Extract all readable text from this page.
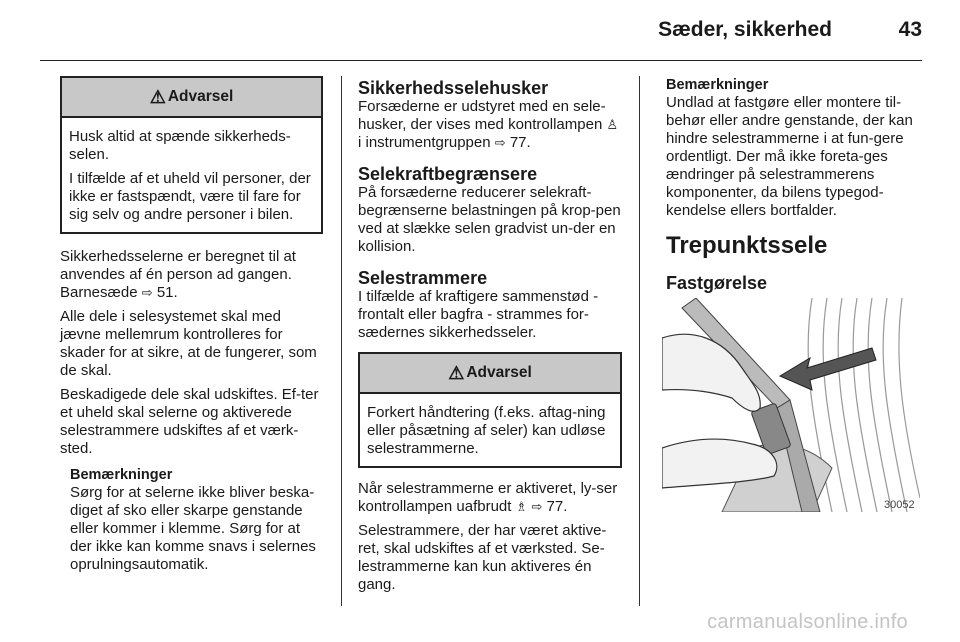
Sæder, sikkerhed	43
⚠ Advarsel

Husk altid at spænde sikkerheds-selen.

I tilfælde af et uheld vil personer, der ikke er fastspændt, være til fare for sig selv og andre personer i bilen.

Sikkerhedsselerne er beregnet til at anvendes af én person ad gangen. Barnesæde ⇨ 51.

Alle dele i selesystemet skal med jævne mellemrum kontrolleres for skader for at sikre, at de fungerer, som de skal.

Beskadigede dele skal udskiftes. Ef-ter et uheld skal selerne og aktiverede selestrammere udskiftes af et værk-sted.

Bemærkninger

Sørg for at selerne ikke bliver beska-diget af sko eller skarpe genstande eller kommer i klemme. Sørg for at der ikke kan komme snavs i selernes oprulningsautomatik.

Sikkerhedsselehusker

Forsæderne er udstyret med en sele-husker, der vises med kontrollampen ♙ i instrumentgruppen ⇨ 77.

Selekraftbegrænsere

På forsæderne reducerer selekraft-begrænserne belastningen på krop-pen ved at slække selen gradvist un-der en kollision.

Selestrammere

I tilfælde af kraftigere sammenstød - frontalt eller bagfra - strammes for-sædernes sikkerhedsseler.

⚠ Advarsel

Forkert håndtering (f.eks. aftag-ning eller påsætning af seler) kan udløse selestrammerne.

Når selestrammerne er aktiveret, ly-ser kontrollampen uafbrudt ♗ ⇨ 77.

Selestrammere, der har været aktive-ret, skal udskiftes af et værksted. Se-lestrammerne kan kun aktiveres én gang.

Bemærkninger

Undlad at fastgøre eller montere til-behør eller andre genstande, der kan hindre selestrammerne i at fun-gere ordentligt. Der må ikke foreta-ges ændringer på selestrammerens komponenter, da bilens typegod-kendelse ellers bortfalder.

Trepunktssele
Fastgørelse
30052
carmanualsonline.info
